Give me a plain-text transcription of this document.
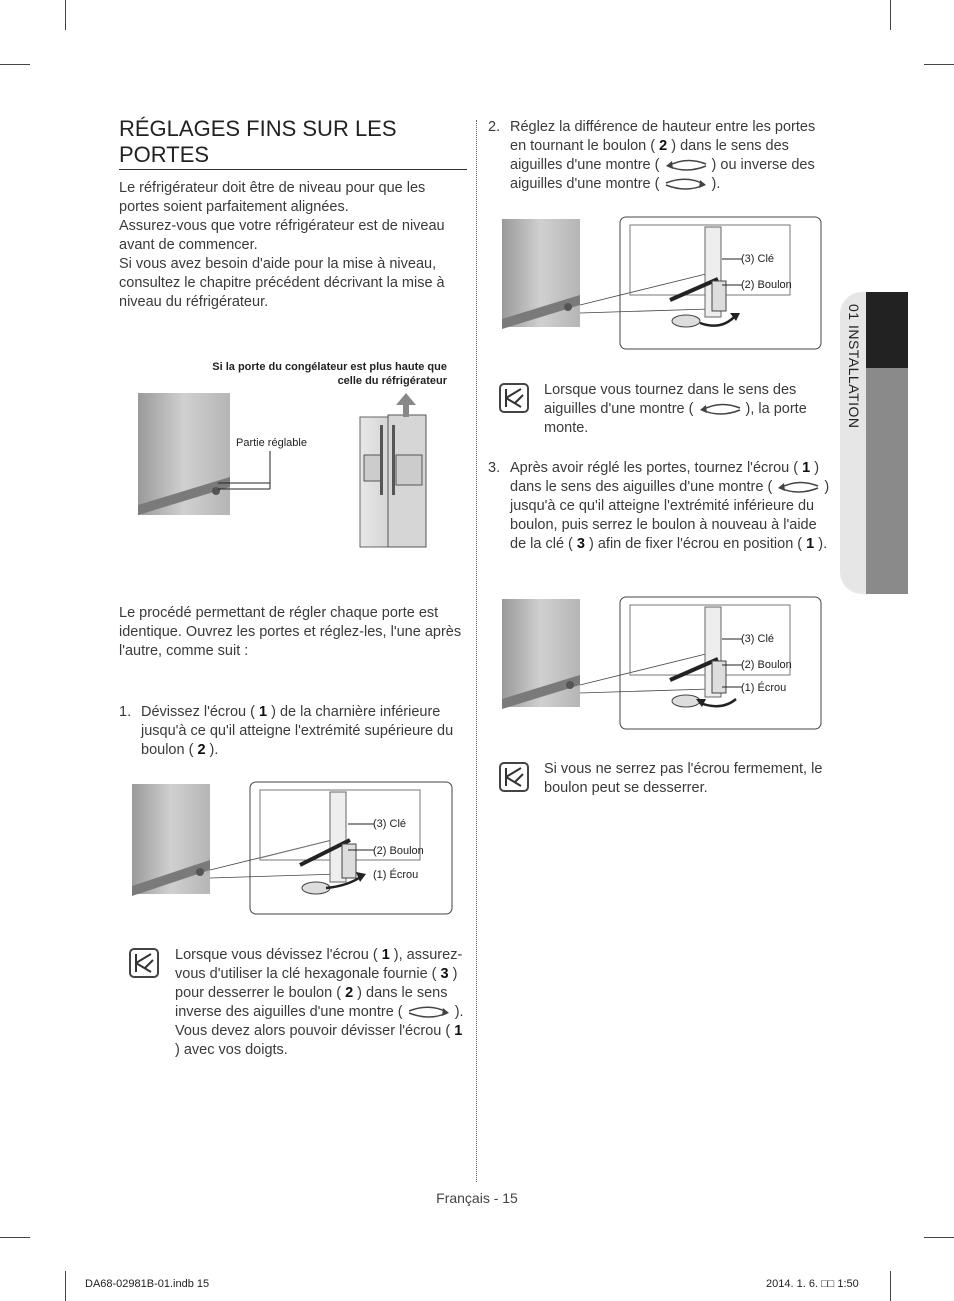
01 INSTALLATION
RÉGLAGES FINS SUR LES PORTES
Le réfrigérateur doit être de niveau pour que les portes soient parfaitement alignées.
Assurez-vous que votre réfrigérateur est de niveau avant de commencer.
Si vous avez besoin d'aide pour la mise à niveau, consultez le chapitre précédent décrivant la mise à niveau du réfrigérateur.
Si la porte du congélateur est plus haute que
celle du réfrigérateur
Partie réglable
Le procédé permettant de régler chaque porte est identique. Ouvrez les portes et réglez-les, l'une après l'autre, comme suit :
1. Dévissez l'écrou ( 1 ) de la charnière inférieure jusqu'à ce qu'il atteigne l'extrémité supérieure du boulon ( 2 ).
(3) Clé
(2) Boulon
(1) Écrou
Lorsque vous dévissez l'écrou ( 1 ), assurez-vous d'utiliser la clé hexagonale fournie ( 3 ) pour desserrer le boulon ( 2 ) dans le sens inverse des aiguilles d'une montre (	).
Vous devez alors pouvoir dévisser l'écrou ( 1 ) avec vos doigts.
2. Réglez la différence de hauteur entre les portes en tournant le boulon ( 2 ) dans le sens des aiguilles d'une montre (	) ou inverse des aiguilles d'une montre (	).
(3) Clé
(2) Boulon
Lorsque vous tournez dans le sens des aiguilles d'une montre (	), la porte monte.
3. Après avoir réglé les portes, tournez l'écrou ( 1 ) dans le sens des aiguilles d'une montre (	) jusqu'à ce qu'il atteigne l'extrémité inférieure du boulon, puis serrez le boulon à nouveau à l'aide de la clé ( 3 ) afin de fixer l'écrou en position ( 1 ).
(3) Clé
(2) Boulon
(1) Écrou
Si vous ne serrez pas l'écrou fermement, le boulon peut se desserrer.
Français - 15
DA68-02981B-01.indb 15	2014. 1. 6. □□ 1:50
